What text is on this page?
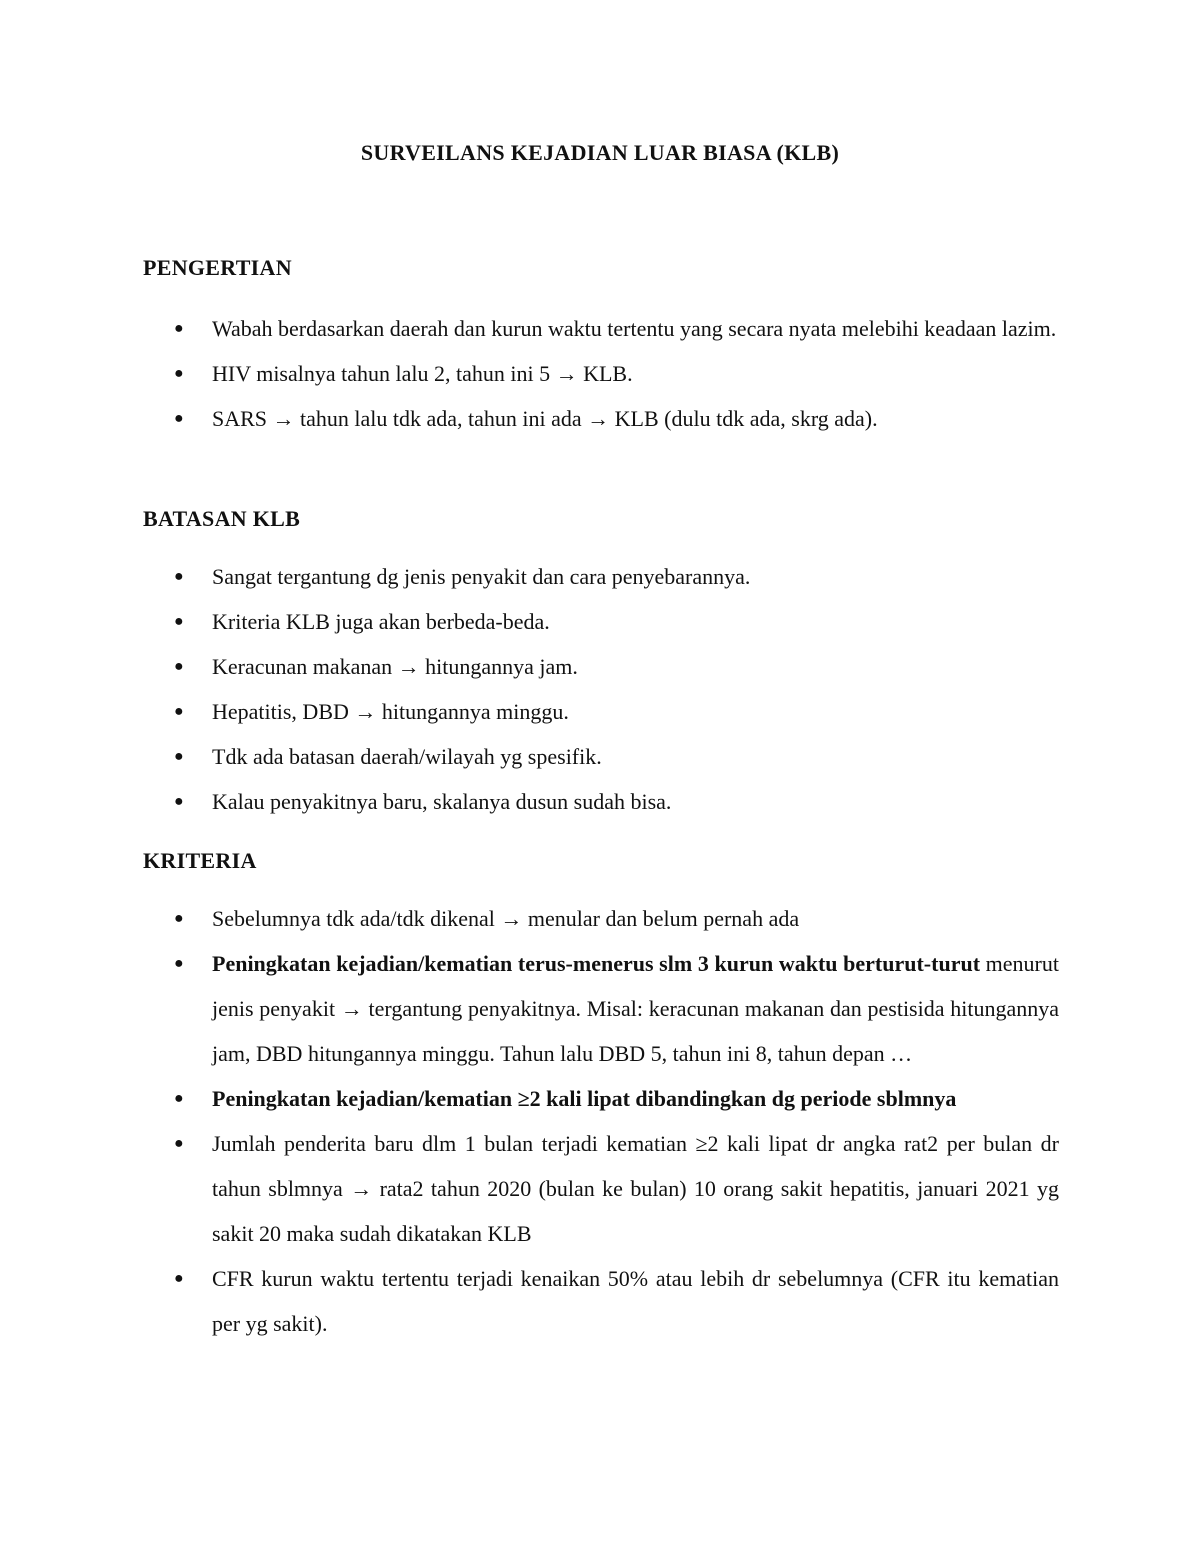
SURVEILANS KEJADIAN LUAR BIASA (KLB)
PENGERTIAN
● Wabah berdasarkan daerah dan kurun waktu tertentu yang secara nyata melebihi keadaan lazim.
● HIV misalnya tahun lalu 2, tahun ini 5 → KLB.
● SARS → tahun lalu tdk ada, tahun ini ada → KLB (dulu tdk ada, skrg ada).
BATASAN KLB
● Sangat tergantung dg jenis penyakit dan cara penyebarannya.
● Kriteria KLB juga akan berbeda-beda.
● Keracunan makanan → hitungannya jam.
● Hepatitis, DBD → hitungannya minggu.
● Tdk ada batasan daerah/wilayah yg spesifik.
● Kalau penyakitnya baru, skalanya dusun sudah bisa.
KRITERIA
● Sebelumnya tdk ada/tdk dikenal → menular dan belum pernah ada
● Peningkatan kejadian/kematian terus-menerus slm 3 kurun waktu berturut-turut menurut jenis penyakit → tergantung penyakitnya. Misal: keracunan makanan dan pestisida hitungannya jam, DBD hitungannya minggu. Tahun lalu DBD 5, tahun ini 8, tahun depan …
● Peningkatan kejadian/kematian ≥2 kali lipat dibandingkan dg periode sblmnya
● Jumlah penderita baru dlm 1 bulan terjadi kematian ≥2 kali lipat dr angka rat2 per bulan dr tahun sblmnya → rata2 tahun 2020 (bulan ke bulan) 10 orang sakit hepatitis, januari 2021 yg sakit 20 maka sudah dikatakan KLB
● CFR kurun waktu tertentu terjadi kenaikan 50% atau lebih dr sebelumnya (CFR itu kematian per yg sakit).
